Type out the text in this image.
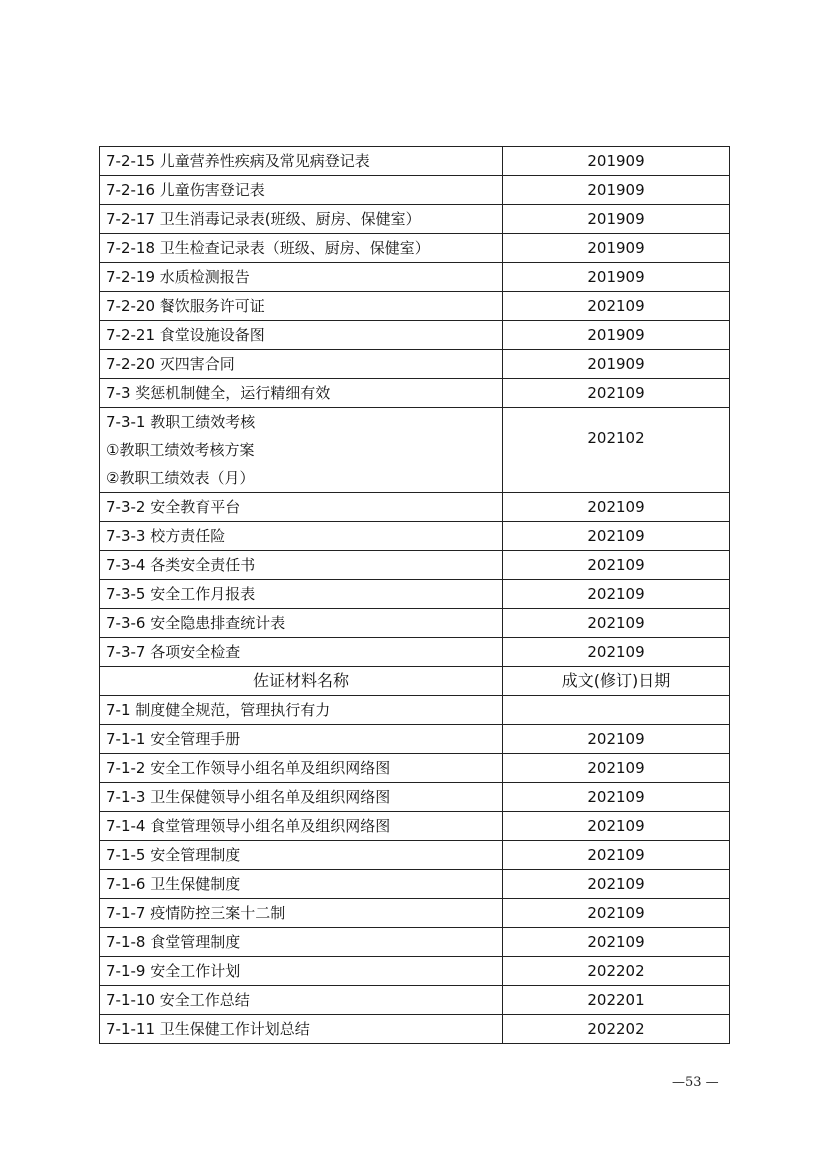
7-2-15 儿童营养性疾病及常见病登记表	201909
7-2-16 儿童伤害登记表	201909
7-2-17 卫生消毒记录表(班级、厨房、保健室）	201909
7-2-18 卫生检查记录表（班级、厨房、保健室）	201909
7-2-19 水质检测报告	201909
7-2-20 餐饮服务许可证	202109
7-2-21 食堂设施设备图	201909
7-2-20 灭四害合同	201909
7-3 奖惩机制健全，运行精细有效	202109

7-3-1 教职工绩效考核
①教职工绩效考核方案
②教职工绩效表（月）	202102
7-3-2 安全教育平台	202109
7-3-3 校方责任险	202109
7-3-4 各类安全责任书	202109
7-3-5 安全工作月报表	202109
7-3-6 安全隐患排查统计表	202109
7-3-7 各项安全检查	202109
佐证材料名称	成文(修订)日期
7-1 制度健全规范，管理执行有力	
7-1-1 安全管理手册	202109
7-1-2 安全工作领导小组名单及组织网络图	202109
7-1-3 卫生保健领导小组名单及组织网络图	202109
7-1-4 食堂管理领导小组名单及组织网络图	202109
7-1-5 安全管理制度	202109
7-1-6 卫生保健制度	202109
7-1-7 疫情防控三案十二制	202109
7-1-8 食堂管理制度	202109
7-1-9 安全工作计划	202202
7-1-10 安全工作总结	202201
7-1-11 卫生保健工作计划总结	202202
—53 —
